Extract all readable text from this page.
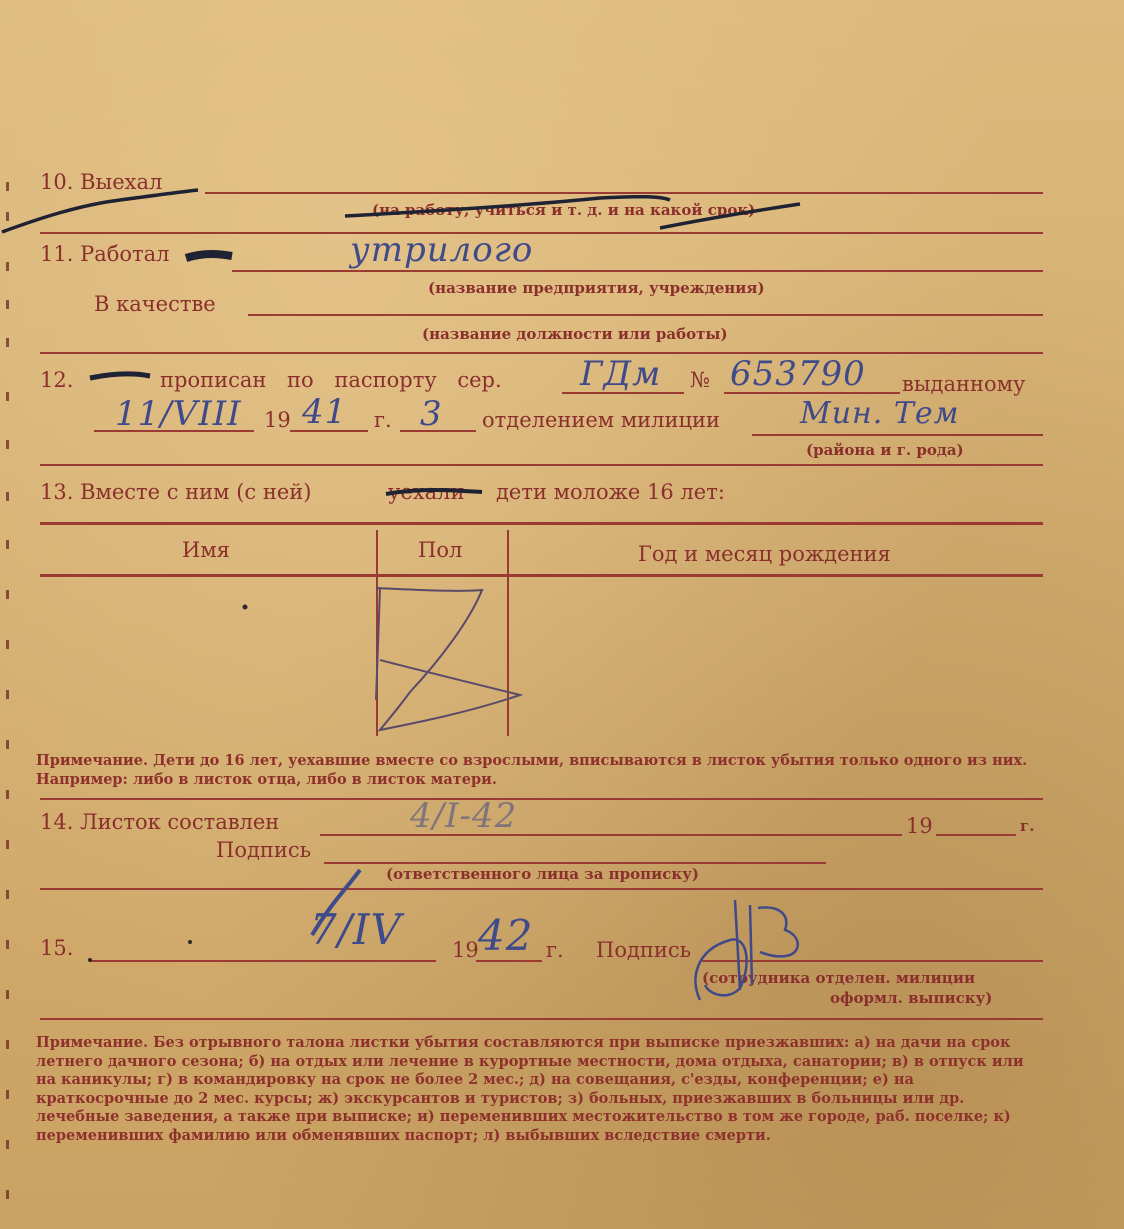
10. Выехал
(на работу, учиться и т. д. и на какой срок)
11. Работал	утрилого
(название предприятия, учреждения)
В качестве
(название должности или работы)
12.	прописан по паспорту сер. ГДм № 653790 выданному
11/VIII 19 41 г. 3 отделением милиции	Мин. Тем
(района и г. рода)
13. Вместе с ним (с ней)	уехали дети моложе 16 лет:
Имя	Пол	Год и месяц рождения
Примечание. Дети до 16 лет, уехавшие вместе со взрослыми, вписываются в листок убытия только одного из них. Например: либо в листок отца, либо в листок матери.
14. Листок составлен	4/I-42	19	г.
Подпись
(ответственного лица за прописку)
15.	7/IV 19 42 г. Подпись
(сотрудника отделен. милиции
оформл. выписку)
Примечание. Без отрывного талона листки убытия составляются при выписке приезжавших: а) на дачи на срок летнего дачного сезона; б) на отдых или лечение в курортные местности, дома отдыха, санатории; в) в отпуск или на каникулы; г) в командировку на срок не более 2 мес.; д) на совещания, с'езды, конференции; е) на краткосрочные до 2 мес. курсы; ж) экскурсантов и туристов; з) больных, приезжавших в больницы или др. лечебные заведения, а также при выписке; и) переменивших местожительство в том же городе, раб. поселке; к) переменивших фамилию или обменявших паспорт; л) выбывших вследствие смерти.
